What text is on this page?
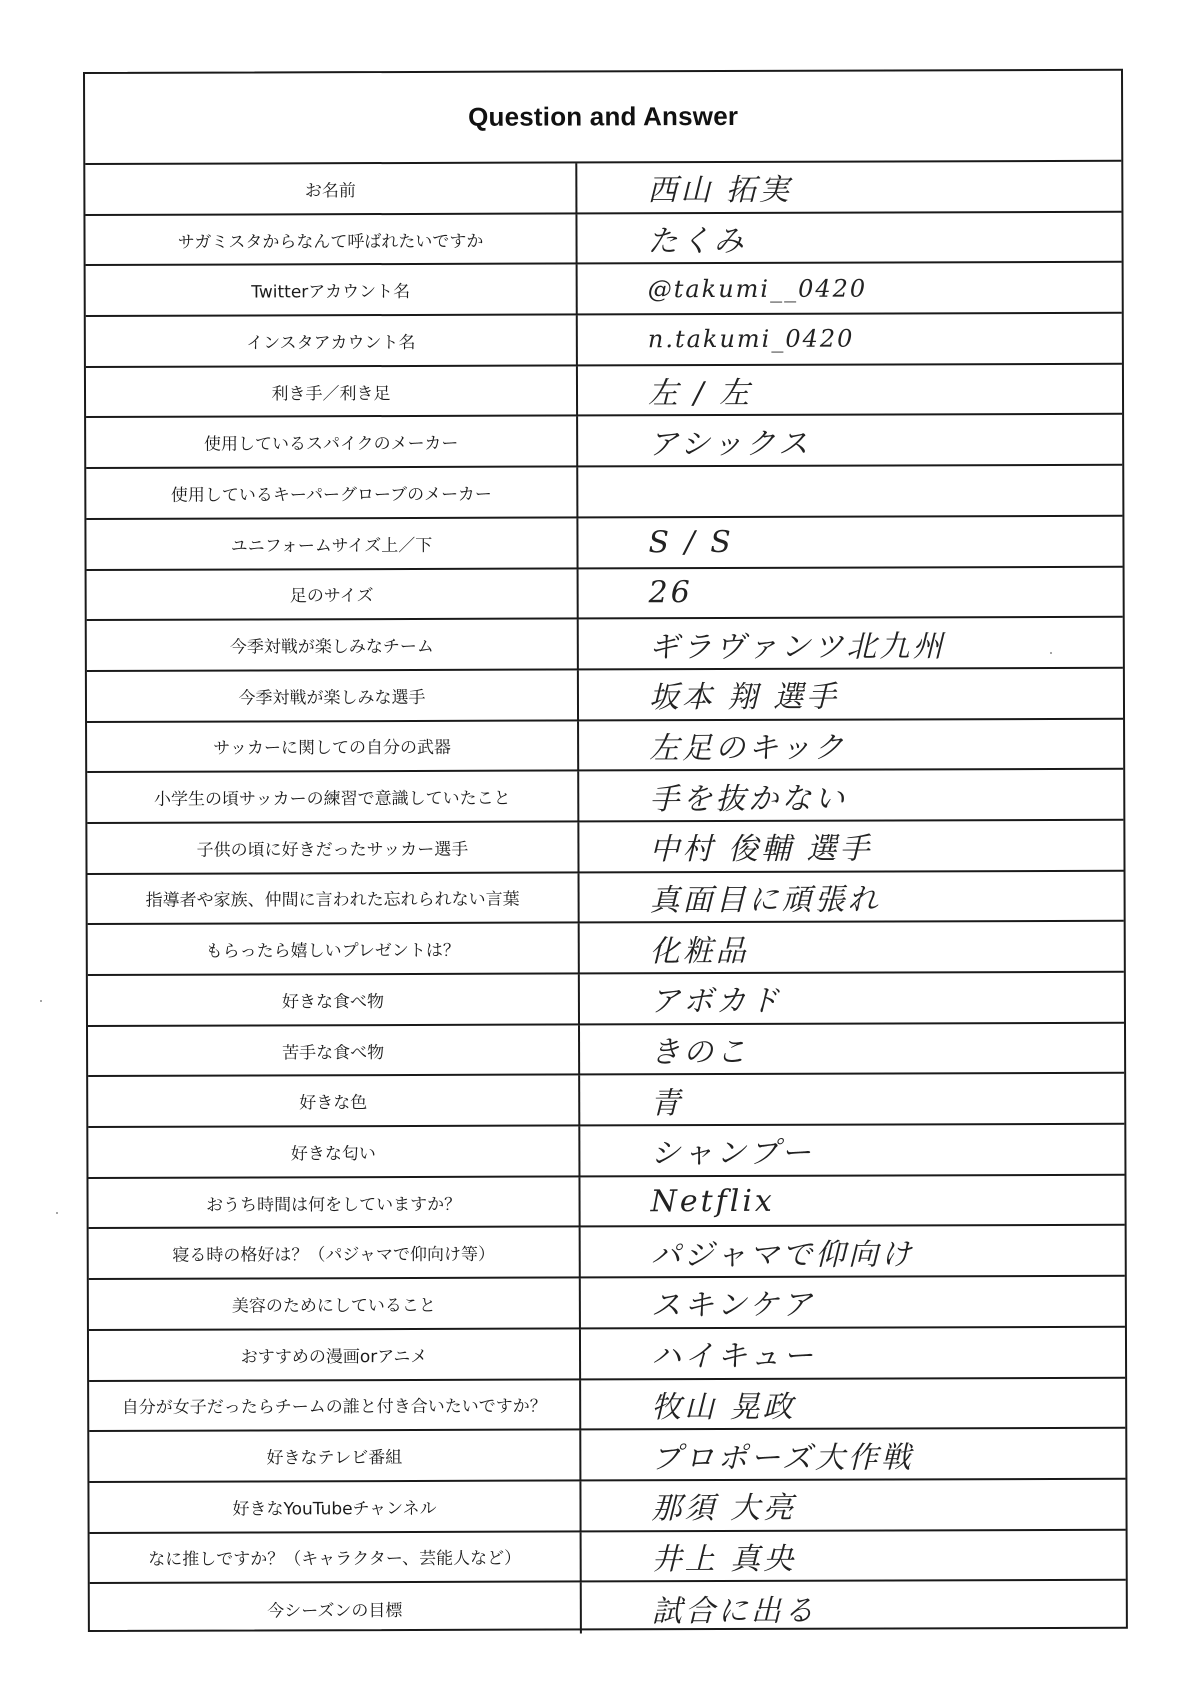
Question and Answer
お名前	西山 拓実
サガミスタからなんて呼ばれたいですか	たくみ
Twitterアカウント名	@takumi__0420
インスタアカウント名	n.takumi_0420
利き手／利き足	左 / 左
使用しているスパイクのメーカー	アシックス
使用しているキーパーグローブのメーカー
ユニフォームサイズ上／下	S / S
足のサイズ	26
今季対戦が楽しみなチーム	ギラヴァンツ北九州
今季対戦が楽しみな選手	坂本 翔 選手
サッカーに関しての自分の武器	左足のキック
小学生の頃サッカーの練習で意識していたこと	手を抜かない
子供の頃に好きだったサッカー選手	中村 俊輔 選手
指導者や家族、仲間に言われた忘れられない言葉	真面目に頑張れ
もらったら嬉しいプレゼントは？	化粧品
好きな食べ物	アボカド
苦手な食べ物	きのこ
好きな色	青
好きな匂い	シャンプー
おうち時間は何をしていますか？	Netflix
寝る時の格好は？（パジャマで仰向け等）	パジャマで仰向け
美容のためにしていること	スキンケア
おすすめの漫画orアニメ	ハイキュー
自分が女子だったらチームの誰と付き合いたいですか？	牧山 晃政
好きなテレビ番組	プロポーズ大作戦
好きなYouTubeチャンネル	那須 大亮
なに推しですか？（キャラクター、芸能人など）	井上 真央
今シーズンの目標	試合に出る
